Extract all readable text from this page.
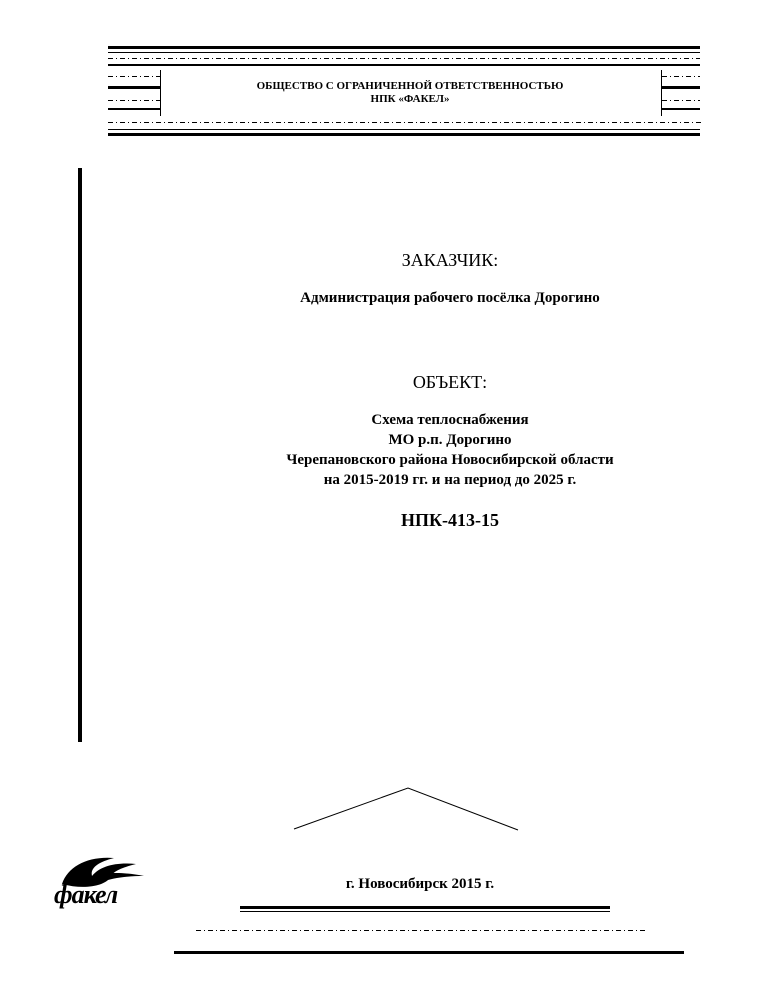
ОБЩЕСТВО С ОГРАНИЧЕННОЙ ОТВЕТСТВЕННОСТЬЮ
НПК «ФАКЕЛ»
ЗАКАЗЧИК:
Администрация рабочего посёлка Дорогино
ОБЪЕКТ:
Схема теплоснабжения
МО р.п. Дорогино
Черепановского района Новосибирской области
на 2015-2019 гг. и на период до 2025 г.
НПК-413-15
факел	г. Новосибирск 2015 г.
